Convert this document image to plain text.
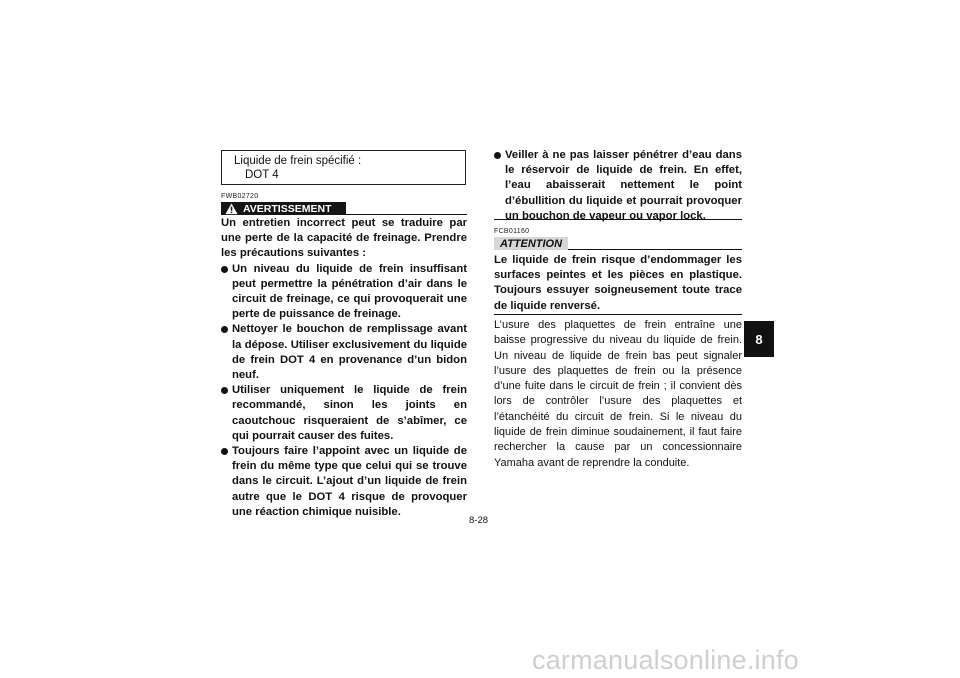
Liquide de frein spécifié :
DOT 4
FWB02720
AVERTISSEMENT

Un entretien incorrect peut se traduire par une perte de la capacité de freinage. Prendre les précautions suivantes :

Un niveau du liquide de frein insuffisant peut permettre la pénétration d’air dans le circuit de freinage, ce qui provoquerait une perte de puissance de freinage.

Nettoyer le bouchon de remplissage avant la dépose. Utiliser exclusivement du liquide de frein DOT 4 en provenance d’un bidon neuf.

Utiliser uniquement le liquide de frein recommandé, sinon les joints en caoutchouc risqueraient de s’abîmer, ce qui pourrait causer des fuites.

Toujours faire l’appoint avec un liquide de frein du même type que celui qui se trouve dans le circuit. L’ajout d’un liquide de frein autre que le DOT 4 risque de provoquer une réaction chimique nuisible.

Veiller à ne pas laisser pénétrer d’eau dans le réservoir de liquide de frein. En effet, l’eau abaisserait nettement le point d’ébullition du liquide et pourrait provoquer un bouchon de vapeur ou vapor lock.

FCB01160
ATTENTION

Le liquide de frein risque d’endommager les surfaces peintes et les pièces en plastique. Toujours essuyer soigneusement toute trace de liquide renversé.

L’usure des plaquettes de frein entraîne une baisse progressive du niveau du liquide de frein. Un niveau de liquide de frein bas peut signaler l’usure des plaquettes de frein ou la présence d’une fuite dans le circuit de frein ; il convient dès lors de contrôler l’usure des plaquettes et l’étanchéité du circuit de frein. Si le niveau du liquide de frein diminue soudainement, il faut faire rechercher la cause par un concessionnaire Yamaha avant de reprendre la conduite.

8-28
8
carmanualsonline.info
